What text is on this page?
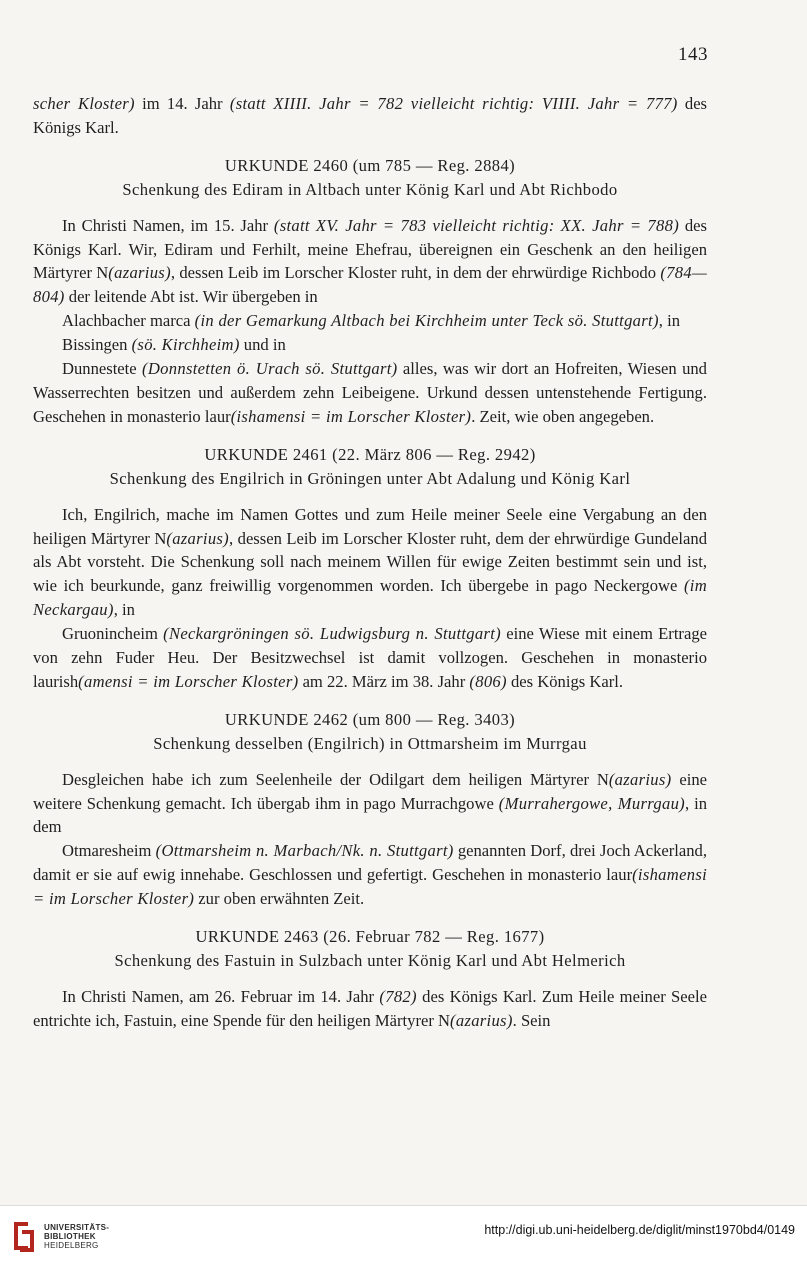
143

scher Kloster) im 14. Jahr (statt XIIII. Jahr = 782 vielleicht richtig: VIIII. Jahr = 777) des Königs Karl.

URKUNDE 2460 (um 785 — Reg. 2884)

Schenkung des Ediram in Altbach unter König Karl und Abt Richbodo

In Christi Namen, im 15. Jahr (statt XV. Jahr = 783 vielleicht richtig: XX. Jahr = 788) des Königs Karl. Wir, Ediram und Ferhilt, meine Ehefrau, übereignen ein Geschenk an den heiligen Märtyrer N(azarius), dessen Leib im Lorscher Kloster ruht, in dem der ehrwürdige Richbodo (784—804) der leitende Abt ist. Wir übergeben in

Alachbacher marca (in der Gemarkung Altbach bei Kirchheim unter Teck sö. Stuttgart), in

Bissingen (sö. Kirchheim) und in

Dunnestete (Donnstetten ö. Urach sö. Stuttgart) alles, was wir dort an Hofreiten, Wiesen und Wasserrechten besitzen und außerdem zehn Leibeigene. Urkund dessen untenstehende Fertigung. Geschehen in monasterio laur(ishamensi = im Lorscher Kloster). Zeit, wie oben angegeben.

URKUNDE 2461 (22. März 806 — Reg. 2942)

Schenkung des Engilrich in Gröningen unter Abt Adalung und König Karl

Ich, Engilrich, mache im Namen Gottes und zum Heile meiner Seele eine Vergabung an den heiligen Märtyrer N(azarius), dessen Leib im Lorscher Kloster ruht, dem der ehrwürdige Gundeland als Abt vorsteht. Die Schenkung soll nach meinem Willen für ewige Zeiten bestimmt sein und ist, wie ich beurkunde, ganz freiwillig vorgenommen worden. Ich übergebe in pago Neckergowe (im Neckargau), in

Gruonincheim (Neckargröningen sö. Ludwigsburg n. Stuttgart) eine Wiese mit einem Ertrage von zehn Fuder Heu. Der Besitzwechsel ist damit vollzogen. Geschehen in monasterio laurish(amensi = im Lorscher Kloster) am 22. März im 38. Jahr (806) des Königs Karl.

URKUNDE 2462 (um 800 — Reg. 3403)

Schenkung desselben (Engilrich) in Ottmarsheim im Murrgau

Desgleichen habe ich zum Seelenheile der Odilgart dem heiligen Märtyrer N(azarius) eine weitere Schenkung gemacht. Ich übergab ihm in pago Murrachgowe (Murrahergowe, Murrgau), in dem

Otmaresheim (Ottmarsheim n. Marbach/Nk. n. Stuttgart) genannten Dorf, drei Joch Ackerland, damit er sie auf ewig innehabe. Geschlossen und gefertigt. Geschehen in monasterio laur(ishamensi = im Lorscher Kloster) zur oben erwähnten Zeit.

URKUNDE 2463 (26. Februar 782 — Reg. 1677)

Schenkung des Fastuin in Sulzbach unter König Karl und Abt Helmerich

In Christi Namen, am 26. Februar im 14. Jahr (782) des Königs Karl. Zum Heile meiner Seele entrichte ich, Fastuin, eine Spende für den heiligen Märtyrer N(azarius). Sein

UNIVERSITÄTS-
BIBLIOTHEK
HEIDELBERG
http://digi.ub.uni-heidelberg.de/diglit/minst1970bd4/0149
